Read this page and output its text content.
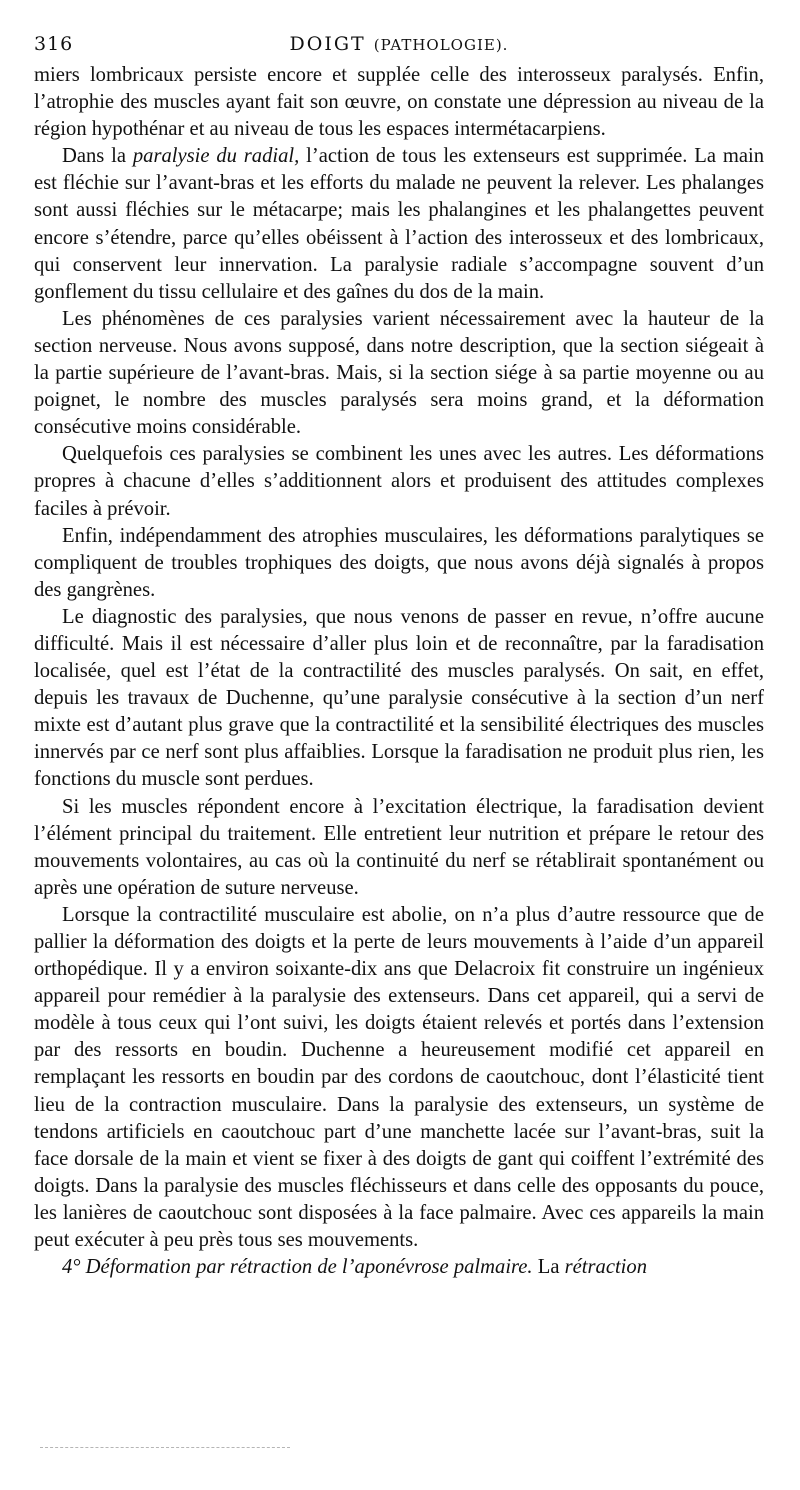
316	DOIGT (PATHOLOGIE).

miers lombricaux persiste encore et supplée celle des interosseux paralysés. Enfin, l’atrophie des muscles ayant fait son œuvre, on constate une dépression au niveau de la région hypothénar et au niveau de tous les espaces intermétacarpiens.

Dans la paralysie du radial, l’action de tous les extenseurs est supprimée. La main est fléchie sur l’avant-bras et les efforts du malade ne peuvent la relever. Les phalanges sont aussi fléchies sur le métacarpe; mais les phalangines et les phalangettes peuvent encore s’étendre, parce qu’elles obéissent à l’action des interosseux et des lombricaux, qui conservent leur innervation. La paralysie radiale s’accompagne souvent d’un gonflement du tissu cellulaire et des gaînes du dos de la main.

Les phénomènes de ces paralysies varient nécessairement avec la hauteur de la section nerveuse. Nous avons supposé, dans notre description, que la section siégeait à la partie supérieure de l’avant-bras. Mais, si la section siége à sa partie moyenne ou au poignet, le nombre des muscles paralysés sera moins grand, et la déformation consécutive moins considérable.

Quelquefois ces paralysies se combinent les unes avec les autres. Les déformations propres à chacune d’elles s’additionnent alors et produisent des attitudes complexes faciles à prévoir.

Enfin, indépendamment des atrophies musculaires, les déformations paralytiques se compliquent de troubles trophiques des doigts, que nous avons déjà signalés à propos des gangrènes.

Le diagnostic des paralysies, que nous venons de passer en revue, n’offre aucune difficulté. Mais il est nécessaire d’aller plus loin et de reconnaître, par la faradisation localisée, quel est l’état de la contractilité des muscles paralysés. On sait, en effet, depuis les travaux de Duchenne, qu’une paralysie consécutive à la section d’un nerf mixte est d’autant plus grave que la contractilité et la sensibilité électriques des muscles innervés par ce nerf sont plus affaiblies. Lorsque la faradisation ne produit plus rien, les fonctions du muscle sont perdues.

Si les muscles répondent encore à l’excitation électrique, la faradisation devient l’élément principal du traitement. Elle entretient leur nutrition et prépare le retour des mouvements volontaires, au cas où la continuité du nerf se rétablirait spontanément ou après une opération de suture nerveuse.

Lorsque la contractilité musculaire est abolie, on n’a plus d’autre ressource que de pallier la déformation des doigts et la perte de leurs mouvements à l’aide d’un appareil orthopédique. Il y a environ soixante-dix ans que Delacroix fit construire un ingénieux appareil pour remédier à la paralysie des extenseurs. Dans cet appareil, qui a servi de modèle à tous ceux qui l’ont suivi, les doigts étaient relevés et portés dans l’extension par des ressorts en boudin. Duchenne a heureusement modifié cet appareil en remplaçant les ressorts en boudin par des cordons de caoutchouc, dont l’élasticité tient lieu de la contraction musculaire. Dans la paralysie des extenseurs, un système de tendons artificiels en caoutchouc part d’une manchette lacée sur l’avant-bras, suit la face dorsale de la main et vient se fixer à des doigts de gant qui coiffent l’extrémité des doigts. Dans la paralysie des muscles fléchisseurs et dans celle des opposants du pouce, les lanières de caoutchouc sont disposées à la face palmaire. Avec ces appareils la main peut exécuter à peu près tous ses mouvements.

4° Déformation par rétraction de l’aponévrose palmaire. La rétraction
